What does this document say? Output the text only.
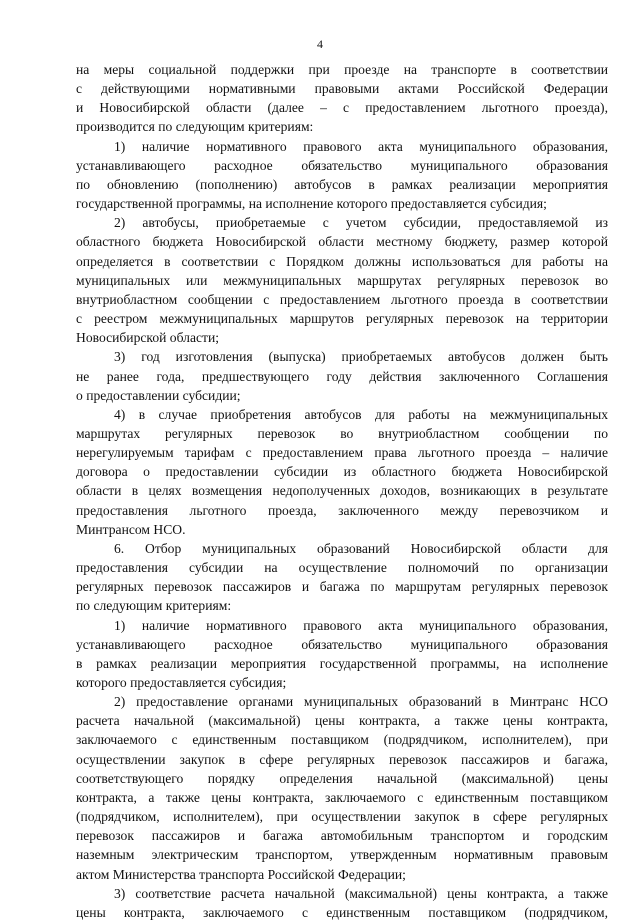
4

на меры социальной поддержки при проезде на транспорте в соответствии

с действующими нормативными правовыми актами Российской Федерации

и Новосибирской области (далее – с предоставлением льготного проезда),

производится по следующим критериям:

1) наличие нормативного правового акта муниципального образования,

устанавливающего расходное обязательство муниципального образования

по обновлению (пополнению) автобусов в рамках реализации мероприятия

государственной программы, на исполнение которого предоставляется субсидия;

2) автобусы, приобретаемые с учетом субсидии, предоставляемой из

областного бюджета Новосибирской области местному бюджету, размер которой

определяется в соответствии с Порядком должны использоваться для работы на

муниципальных или межмуниципальных маршрутах регулярных перевозок во

внутриобластном сообщении с предоставлением льготного проезда в соответствии

с реестром межмуниципальных маршрутов регулярных перевозок на территории

Новосибирской области;

3) год изготовления (выпуска) приобретаемых автобусов должен быть

не ранее года, предшествующего году действия заключенного Соглашения

о предоставлении субсидии;

4) в случае приобретения автобусов для работы на межмуниципальных

маршрутах регулярных перевозок во внутриобластном сообщении по

нерегулируемым тарифам с предоставлением права льготного проезда – наличие

договора о предоставлении субсидии из областного бюджета Новосибирской

области в целях возмещения недополученных доходов, возникающих в результате

предоставления льготного проезда, заключенного между перевозчиком и

Минтрансом НСО.

6. Отбор муниципальных образований Новосибирской области для

предоставления субсидии на осуществление полномочий по организации

регулярных перевозок пассажиров и багажа по маршрутам регулярных перевозок

по следующим критериям:

1) наличие нормативного правового акта муниципального образования,

устанавливающего расходное обязательство муниципального образования

в рамках реализации мероприятия государственной программы, на исполнение

которого предоставляется субсидия;

2) предоставление органами муниципальных образований в Минтранс НСО

расчета начальной (максимальной) цены контракта, а также цены контракта,

заключаемого с единственным поставщиком (подрядчиком, исполнителем), при

осуществлении закупок в сфере регулярных перевозок пассажиров и багажа,

соответствующего порядку определения начальной (максимальной) цены

контракта, а также цены контракта, заключаемого с единственным поставщиком

(подрядчиком, исполнителем), при осуществлении закупок в сфере регулярных

перевозок пассажиров и багажа автомобильным транспортом и городским

наземным электрическим транспортом, утвержденным нормативным правовым

актом Министерства транспорта Российской Федерации;

3) соответствие расчета начальной (максимальной) цены контракта, а также

цены контракта, заключаемого с единственным поставщиком (подрядчиком,
